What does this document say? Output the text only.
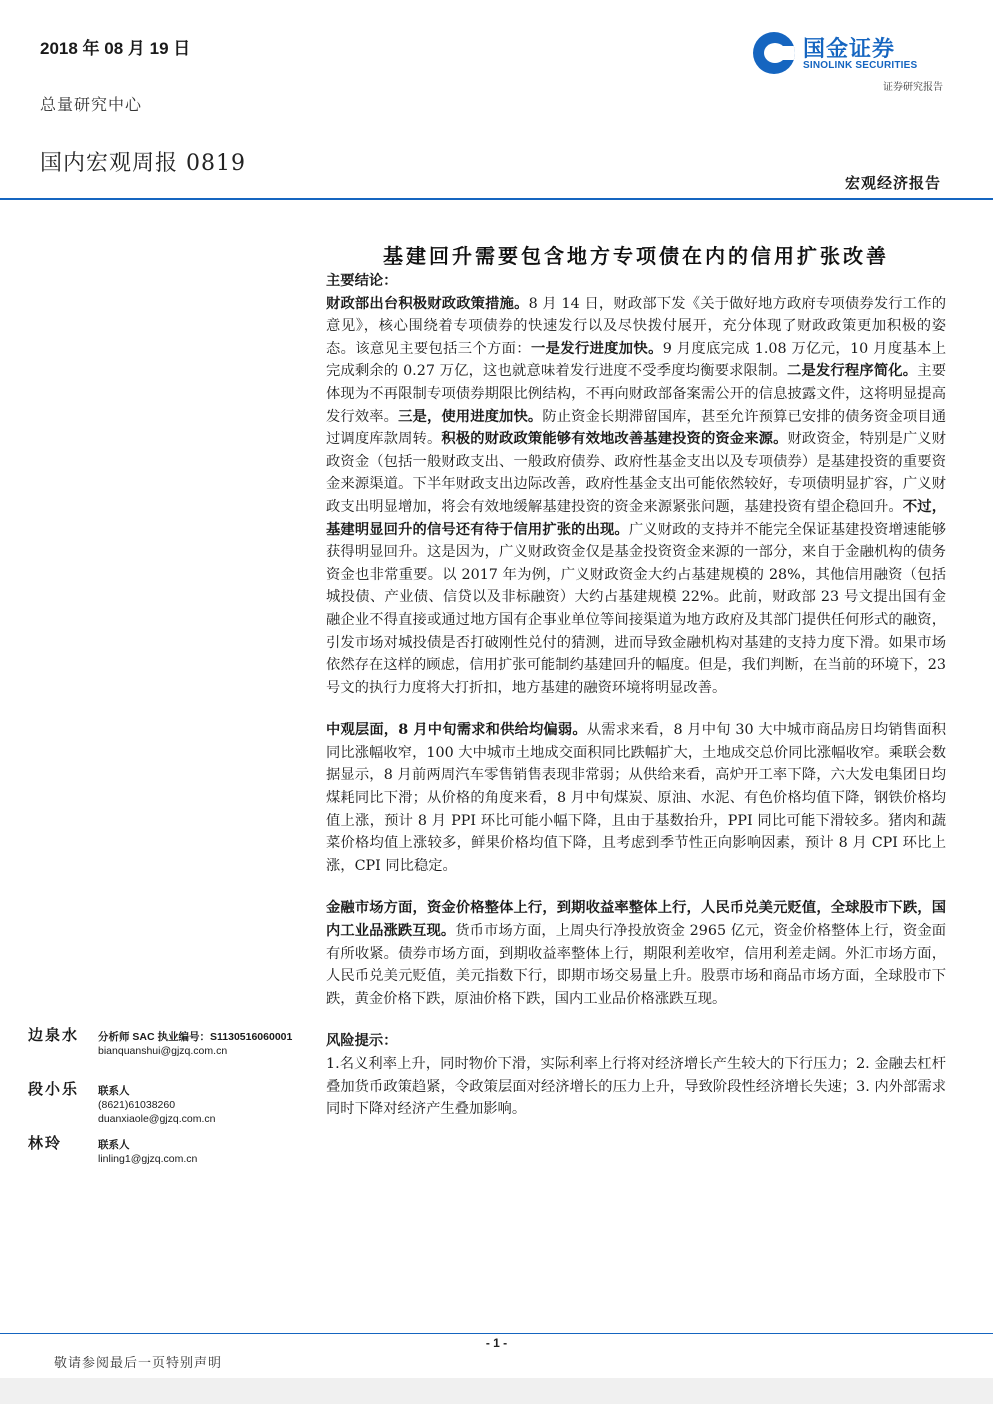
2018 年 08 月 19 日
总量研究中心
国内宏观周报 0819
国金证券
SINOLINK SECURITIES
证券研究报告
宏观经济报告
基建回升需要包含地方专项债在内的信用扩张改善

主要结论：

财政部出台积极财政政策措施。8 月 14 日，财政部下发《关于做好地方政府专项债券发行工作的意见》，核心围绕着专项债券的快速发行以及尽快拨付展开，充分体现了财政政策更加积极的姿态。该意见主要包括三个方面：一是发行进度加快。9 月度底完成 1.08 万亿元，10 月度基本上完成剩余的 0.27 万亿，这也就意味着发行进度不受季度均衡要求限制。二是发行程序简化。主要体现为不再限制专项债券期限比例结构，不再向财政部备案需公开的信息披露文件，这将明显提高发行效率。三是，使用进度加快。防止资金长期滞留国库，甚至允许预算已安排的债务资金项目通过调度库款周转。积极的财政政策能够有效地改善基建投资的资金来源。财政资金，特别是广义财政资金（包括一般财政支出、一般政府债券、政府性基金支出以及专项债券）是基建投资的重要资金来源渠道。下半年财政支出边际改善，政府性基金支出可能依然较好，专项债明显扩容，广义财政支出明显增加，将会有效地缓解基建投资的资金来源紧张问题，基建投资有望企稳回升。不过，基建明显回升的信号还有待于信用扩张的出现。广义财政的支持并不能完全保证基建投资增速能够获得明显回升。这是因为，广义财政资金仅是基金投资资金来源的一部分，来自于金融机构的债务资金也非常重要。以 2017 年为例，广义财政资金大约占基建规模的 28%，其他信用融资（包括城投债、产业债、信贷以及非标融资）大约占基建规模 22%。此前，财政部 23 号文提出国有金融企业不得直接或通过地方国有企事业单位等间接渠道为地方政府及其部门提供任何形式的融资，引发市场对城投债是否打破刚性兑付的猜测，进而导致金融机构对基建的支持力度下滑。如果市场依然存在这样的顾虑，信用扩张可能制约基建回升的幅度。但是，我们判断，在当前的环境下，23 号文的执行力度将大打折扣，地方基建的融资环境将明显改善。

中观层面，8 月中旬需求和供给均偏弱。从需求来看，8 月中旬 30 大中城市商品房日均销售面积同比涨幅收窄，100 大中城市土地成交面积同比跌幅扩大，土地成交总价同比涨幅收窄。乘联会数据显示，8 月前两周汽车零售销售表现非常弱；从供给来看，高炉开工率下降，六大发电集团日均煤耗同比下滑；从价格的角度来看，8 月中旬煤炭、原油、水泥、有色价格均值下降，钢铁价格均值上涨，预计 8 月 PPI 环比可能小幅下降，且由于基数抬升，PPI 同比可能下滑较多。猪肉和蔬菜价格均值上涨较多，鲜果价格均值下降，且考虑到季节性正向影响因素，预计 8 月 CPI 环比上涨，CPI 同比稳定。

金融市场方面，资金价格整体上行，到期收益率整体上行，人民币兑美元贬值，全球股市下跌，国内工业品涨跌互现。货币市场方面，上周央行净投放资金 2965 亿元，资金价格整体上行，资金面有所收紧。债券市场方面，到期收益率整体上行，期限利差收窄，信用利差走阔。外汇市场方面，人民币兑美元贬值，美元指数下行，即期市场交易量上升。股票市场和商品市场方面，全球股市下跌，黄金价格下跌，原油价格下跌，国内工业品价格涨跌互现。

风险提示：

1.名义利率上升，同时物价下滑，实际利率上行将对经济增长产生较大的下行压力；2. 金融去杠杆叠加货币政策趋紧，令政策层面对经济增长的压力上升，导致阶段性经济增长失速；3. 内外部需求同时下降对经济产生叠加影响。

边泉水 分析师 SAC 执业编号：S1130516060001
bianquanshui@gjzq.com.cn
段小乐 联系人
(8621)61038260
duanxiaole@gjzq.com.cn
林玲	联系人
linling1@gjzq.com.cn
- 1 -
敬请参阅最后一页特别声明
